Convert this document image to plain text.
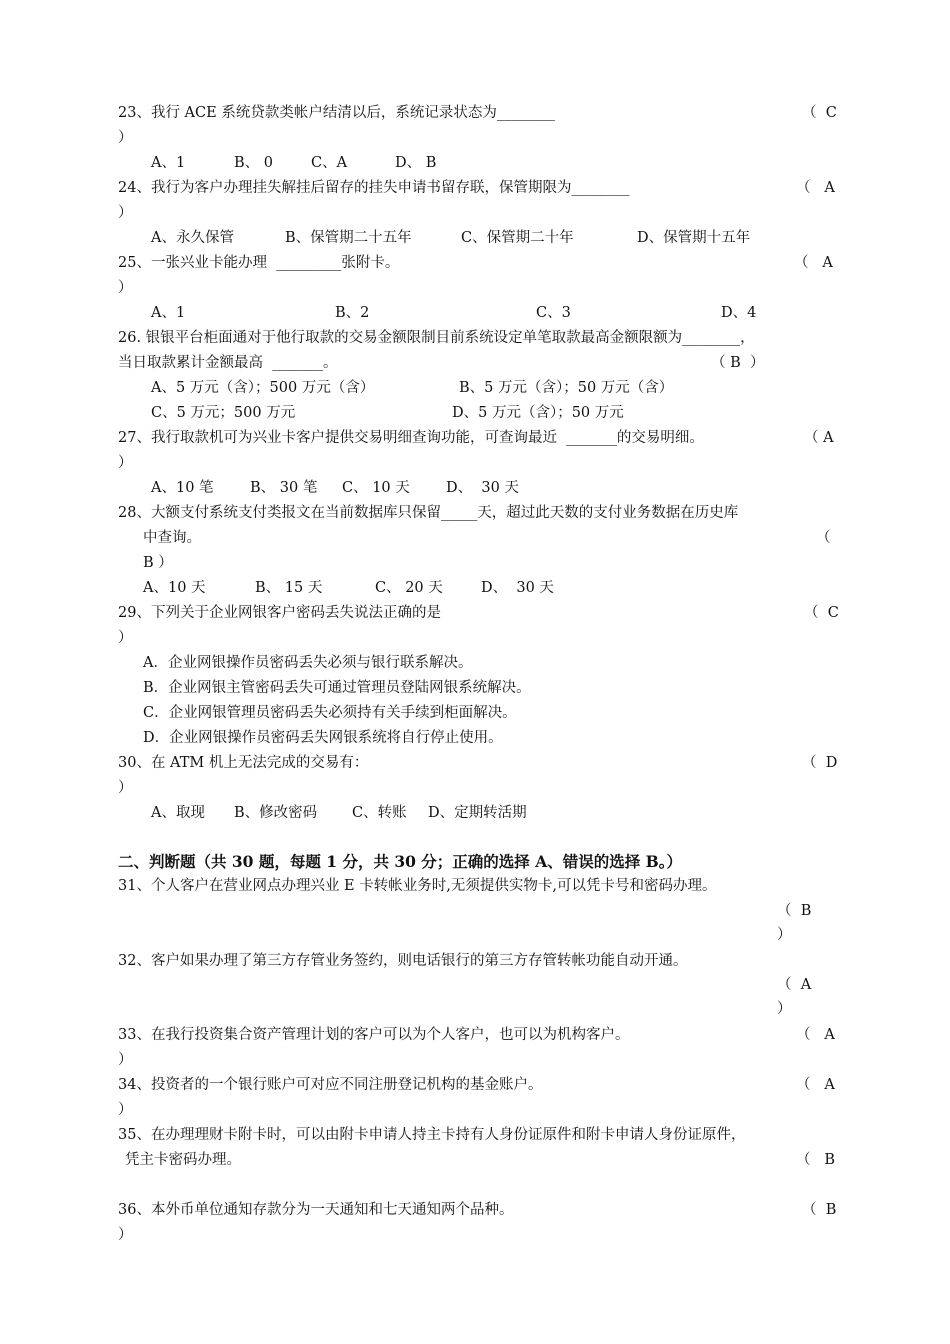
23、我行 ACE 系统贷款类帐户结清以后，系统记录状态为________	（  C
）
A、1	B、 0	C、A	D、 B
24、我行为客户办理挂失解挂后留存的挂失申请书留存联，保管期限为________	（   A
）
A、永久保管	B、保管期二十五年	C、保管期二十年	D、保管期十五年
25、一张兴业卡能办理  _________张附卡。	（   A
）
A、1	B、2	C、3	D、4
26. 银银平台柜面通对于他行取款的交易金额限制目前系统设定单笔取款最高金额限额为________，
当日取款累计金额最高  _______。	（ B  ）
A、5 万元（含）；500 万元（含）	B、5 万元（含）；50 万元（含）
C、5 万元；500 万元	D、5 万元（含）；50 万元
27、我行取款机可为兴业卡客户提供交易明细查询功能，可查询最近  _______的交易明细。	（ A
）
A、10 笔	B、 30 笔 C、 10 天 D、  30 天
28、大额支付系统支付类报文在当前数据库只保留_____天，超过此天数的支付业务数据在历史库
中查询。	（
B ）
A、10 天	B、 15 天	C、 20 天	D、  30 天
29、下列关于企业网银客户密码丢失说法正确的是	（  C
）
A．企业网银操作员密码丢失必须与银行联系解决。
B．企业网银主管密码丢失可通过管理员登陆网银系统解决。
C．企业网银管理员密码丢失必须持有关手续到柜面解决。
D．企业网银操作员密码丢失网银系统将自行停止使用。
30、在 ATM 机上无法完成的交易有：	（  D
）
A、取现 B、修改密码 C、转账 D、定期转活期
二、判断题（共 30 题，每题 1 分，共 30 分；正确的选择 A、错误的选择 B。）
31、个人客户在营业网点办理兴业 E 卡转帐业务时,无须提供实物卡,可以凭卡号和密码办理。
（  B
）
32、客户如果办理了第三方存管业务签约，则电话银行的第三方存管转帐功能自动开通。
（  A
）
33、在我行投资集合资产管理计划的客户可以为个人客户，也可以为机构客户。	（   A
）
34、投资者的一个银行账户可对应不同注册登记机构的基金账户。	（   A
）
35、在办理理财卡附卡时，可以由附卡申请人持主卡持有人身份证原件和附卡申请人身份证原件，
凭主卡密码办理。	（   B
36、本外币单位通知存款分为一天通知和七天通知两个品种。	（  B
）
